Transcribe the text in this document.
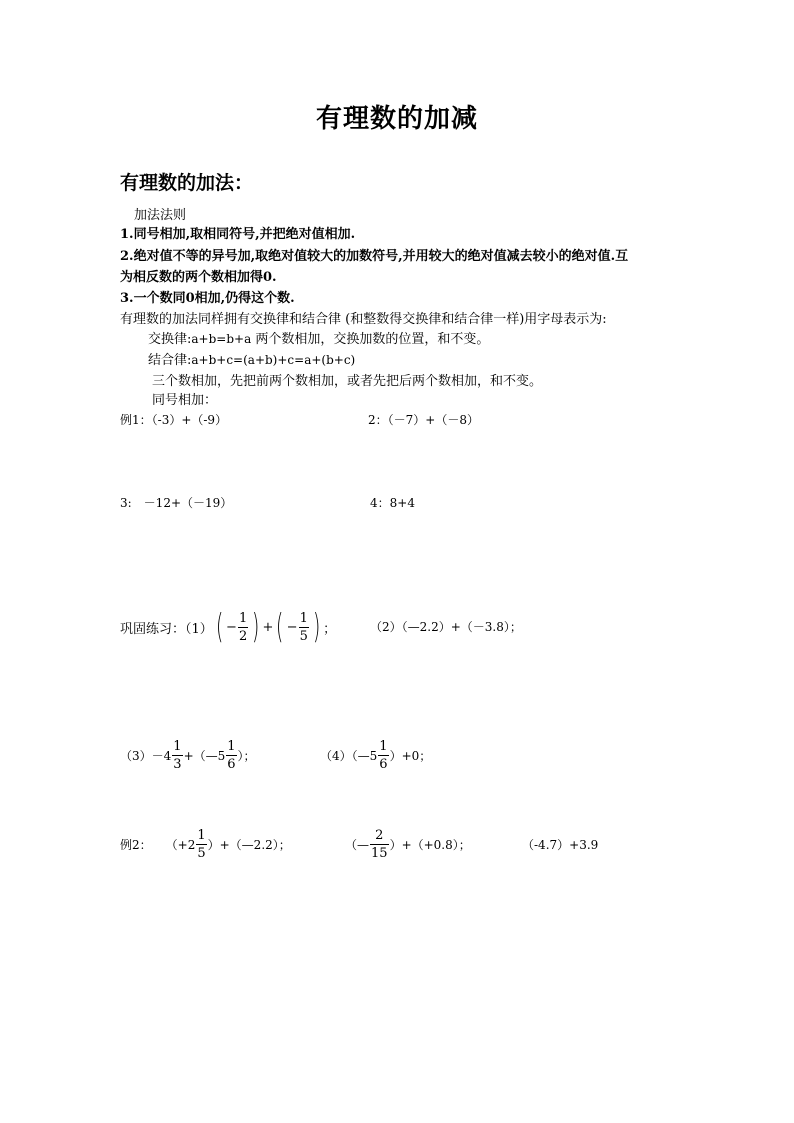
有理数的加减
有理数的加法：
加法法则
1.同号相加,取相同符号,并把绝对值相加.
2.绝对值不等的异号加,取绝对值较大的加数符号,并用较大的绝对值减去较小的绝对值.互
为相反数的两个数相加得0.
3.一个数同0相加,仍得这个数.
有理数的加法同样拥有交换律和结合律 (和整数得交换律和结合律一样)用字母表示为:
交换律:a+b=b+a 两个数相加，交换加数的位置，和不变。
结合律:a+b+c=(a+b)+c=a+(b+c)
三个数相加，先把前两个数相加，或者先把后两个数相加，和不变。
同号相加：
例1：（-3）+（-9）	2：（－7）+（－8）
3:　－12+（－19）	4：8+4
巩固练习：（1） ( − $\frac{1}{2}$ ) + ( − $\frac{1}{5}$ ) ；	（2）（—2.2）+（－3.8）；
$(3)-4 \frac{1}{3}$ +（—5 $\frac{1}{6}$ ）；	（4）（—5 $\frac{1}{6} )+0$；
例2： （$+2 \frac{1}{5}$ ）+（—2.2）；	（— $\frac{2}{15} )+(+0.8)$；	（-4.7）+3.9
